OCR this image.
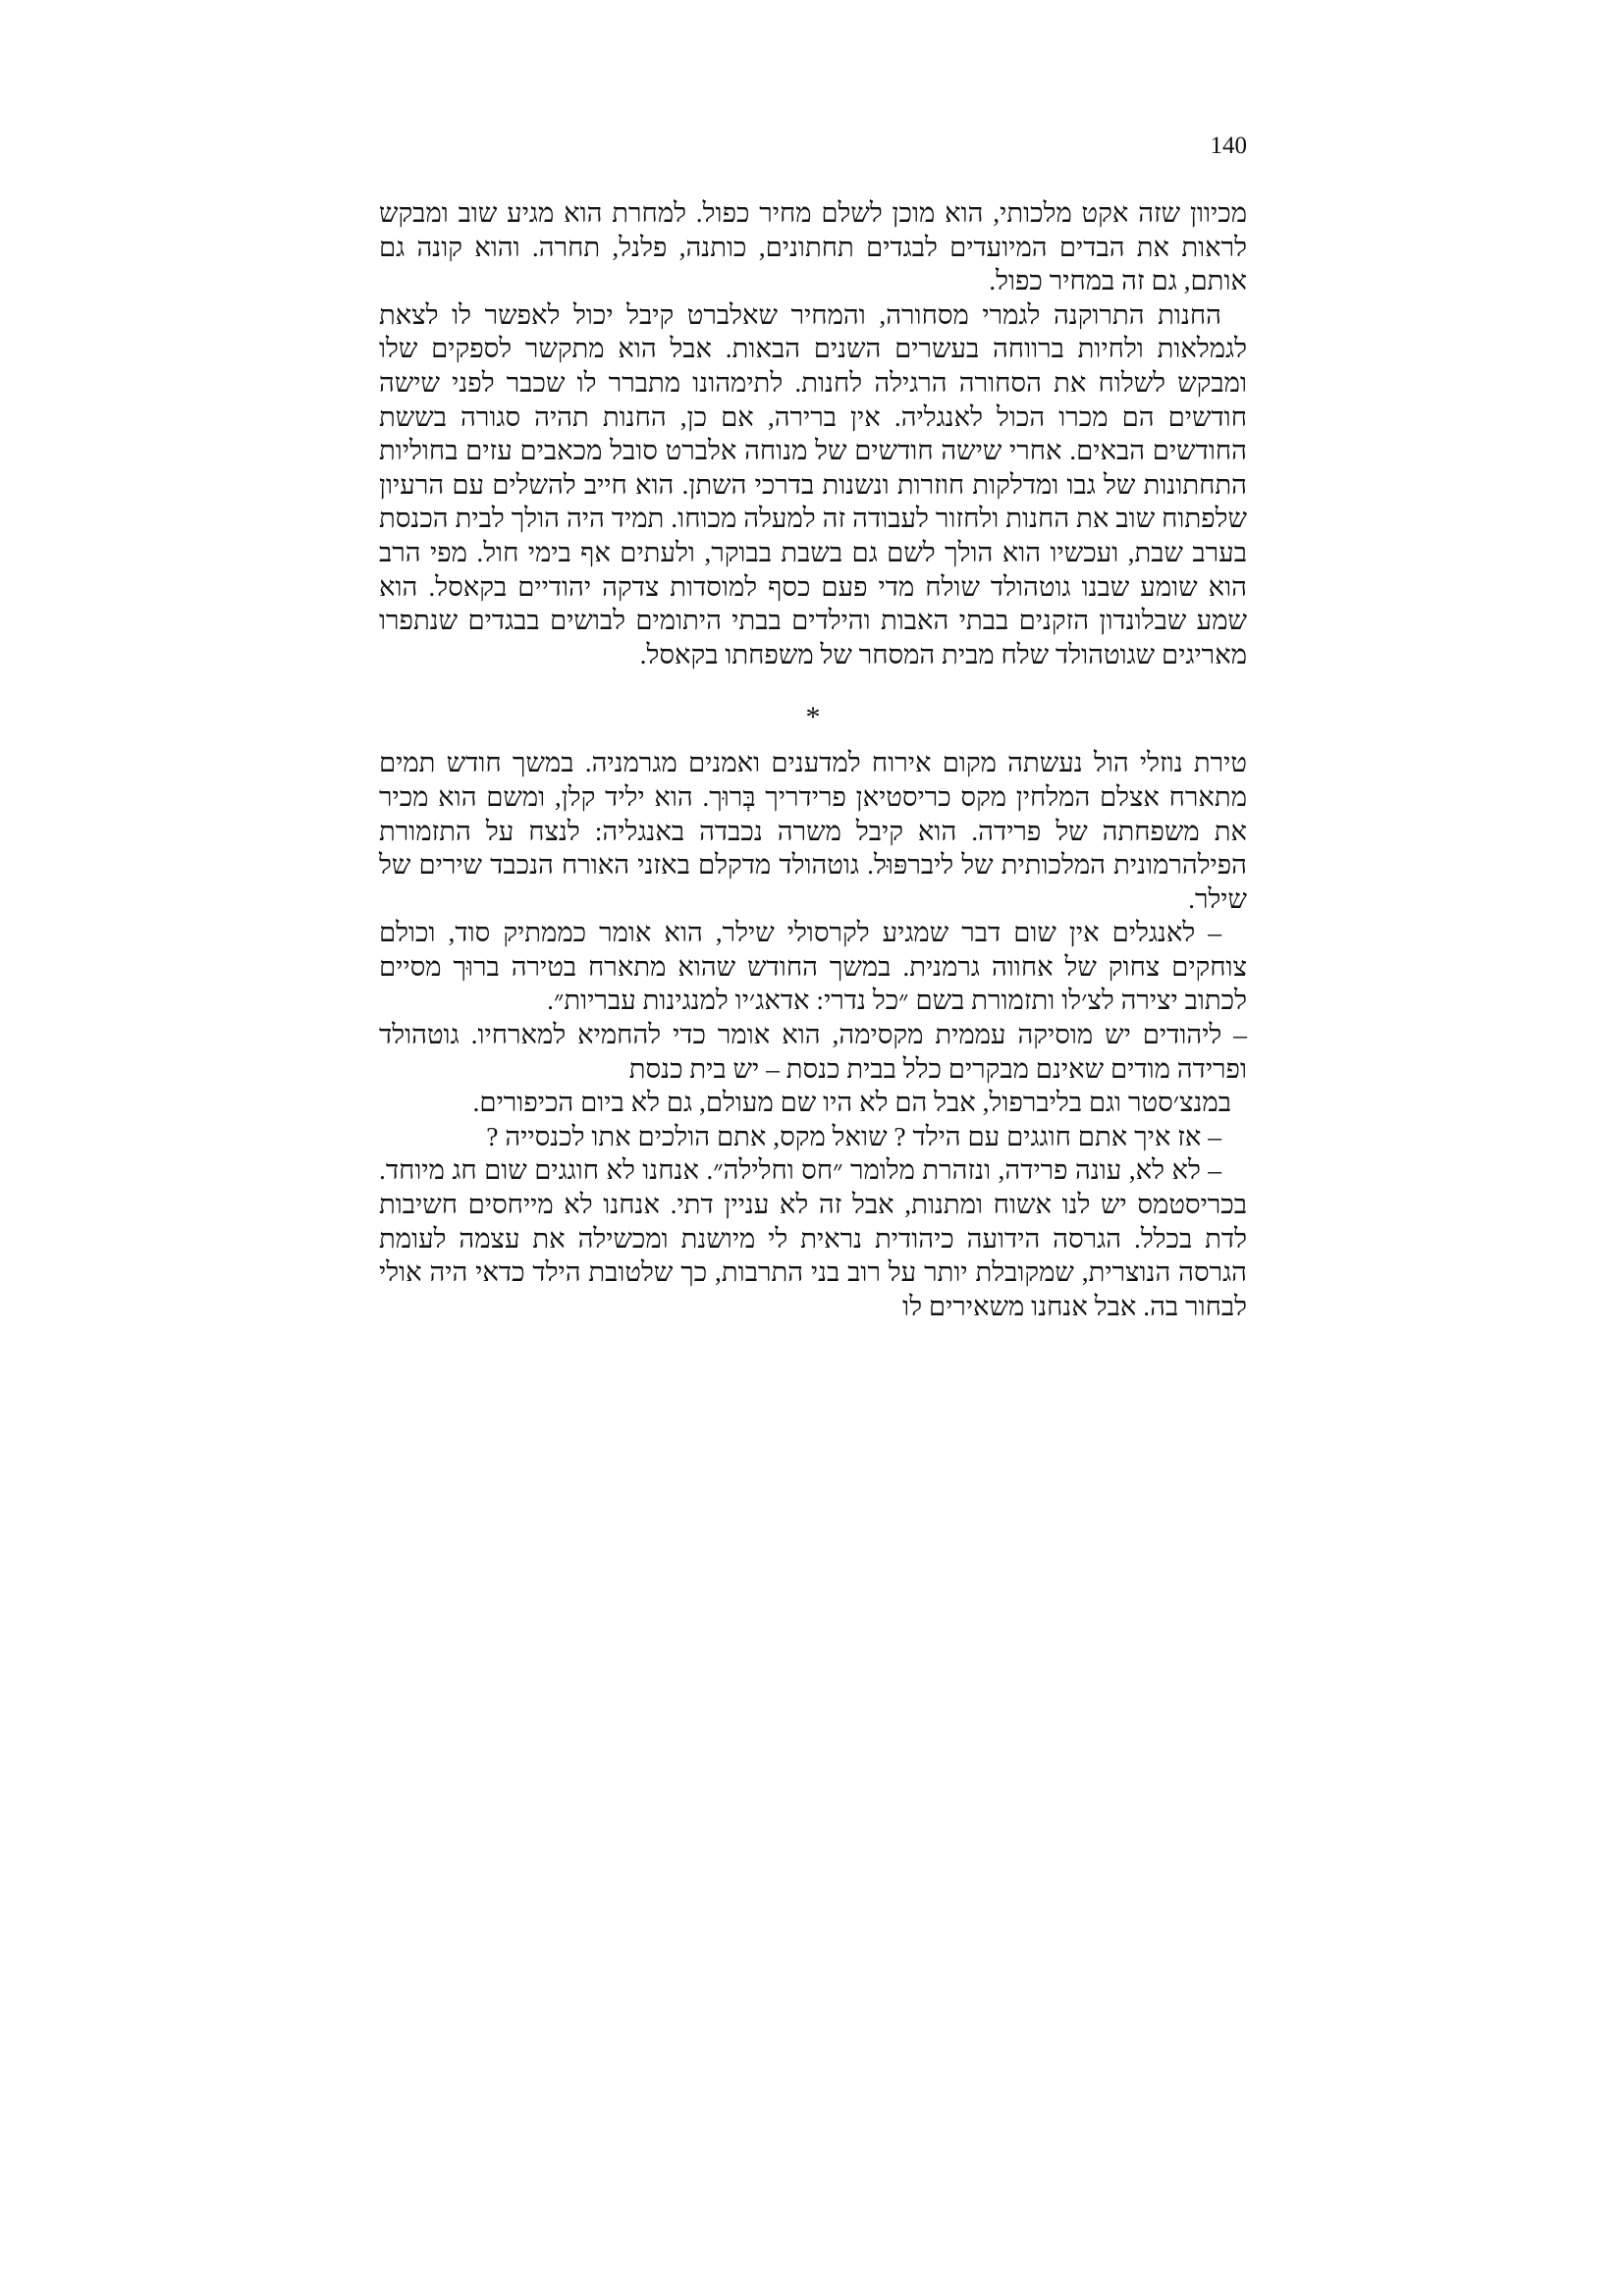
140

מכיוון שזה אקט מלכותי, הוא מוכן לשלם מחיר כפול. למחרת הוא מגיע שוב ומבקש לראות את הבדים המיועדים לבגדים תחתונים, כותנה, פלנל, תחרה. והוא קונה גם אותם, גם זה במחיר כפול.

החנות התרוקנה לגמרי מסחורה, והמחיר שאלברט קיבל יכול לאפשר לו לצאת לגמלאות ולחיות ברווחה בעשרים השנים הבאות. אבל הוא מתקשר לספקים שלו ומבקש לשלוח את הסחורה הרגילה לחנות. לתימהונו מתברר לו שכבר לפני שישה חודשים הם מכרו הכול לאנגליה. אין ברירה, אם כן, החנות תהיה סגורה בששת החודשים הבאים. אחרי שישה חודשים של מנוחה אלברט סובל מכאבים עזים בחוליות התחתונות של גבו ומדלקות חוזרות ונשנות בדרכי השתן. הוא חייב להשלים עם הרעיון שלפתוח שוב את החנות ולחזור לעבודה זה למעלה מכוחו. תמיד היה הולך לבית הכנסת בערב שבת, ועכשיו הוא הולך לשם גם בשבת בבוקר, ולעתים אף בימי חול. מפי הרב הוא שומע שבנו גוטהולד שולח מדי פעם כסף למוסדות צדקה יהודיים בקאסל. הוא שמע שבלונדון הזקנים בבתי האבות והילדים בבתי היתומים לבושים בבגדים שנתפרו מאריגים שגוטהולד שלח מבית המסחר של משפחתו בקאסל.

*

טירת נוזלי הול נעשתה מקום אירוח למדענים ואמנים מגרמניה. במשך חודש תמים מתארח אצלם המלחין מקס כריסטיאן פרידריך בְּרוּך. הוא יליד קלן, ומשם הוא מכיר את משפחתה של פרידה. הוא קיבל משרה נכבדה באנגליה: לנצח על התזמורת הפילהרמונית המלכותית של ליברפּוּל. גוטהולד מדקלם באזני האורח הנכבד שירים של שילר.

– לאנגלים אין שום דבר שמגיע לקרסולי שילר, הוא אומר כממתיק סוד, וכולם צוחקים צחוק של אחווה גרמנית. במשך החודש שהוא מתארח בטירה ברוּך מסיים לכתוב יצירה לצ׳לו ותזמורת בשם ״כל נדרי: אדאג׳יו למנגינות עבריות״.

– ליהודים יש מוסיקה עממית מקסימה, הוא אומר כדי להחמיא למארחיו. גוטהולד ופרידה מודים שאינם מבקרים כלל בבית כנסת – יש בית כנסת

במנצ׳סטר וגם בליברפול, אבל הם לא היו שם מעולם, גם לא ביום הכיפורים.

– אז איך אתם חוגגים עם הילד ? שואל מקס, אתם הולכים אתו לכנסייה ?

– לא לא, עונה פרידה, ונזהרת מלומר ״חס וחלילה״. אנחנו לא חוגגים שום חג מיוחד. בכריסטמס יש לנו אשוח ומתנות, אבל זה לא עניין דתי. אנחנו לא מייחסים חשיבות לדת בכלל. הגרסה הידועה כיהודית נראית לי מיושנת ומכשילה את עצמה לעומת הגרסה הנוצרית, שמקובלת יותר על רוב בני התרבות, כך שלטובת הילד כדאי היה אולי לבחור בה. אבל אנחנו משאירים לו
